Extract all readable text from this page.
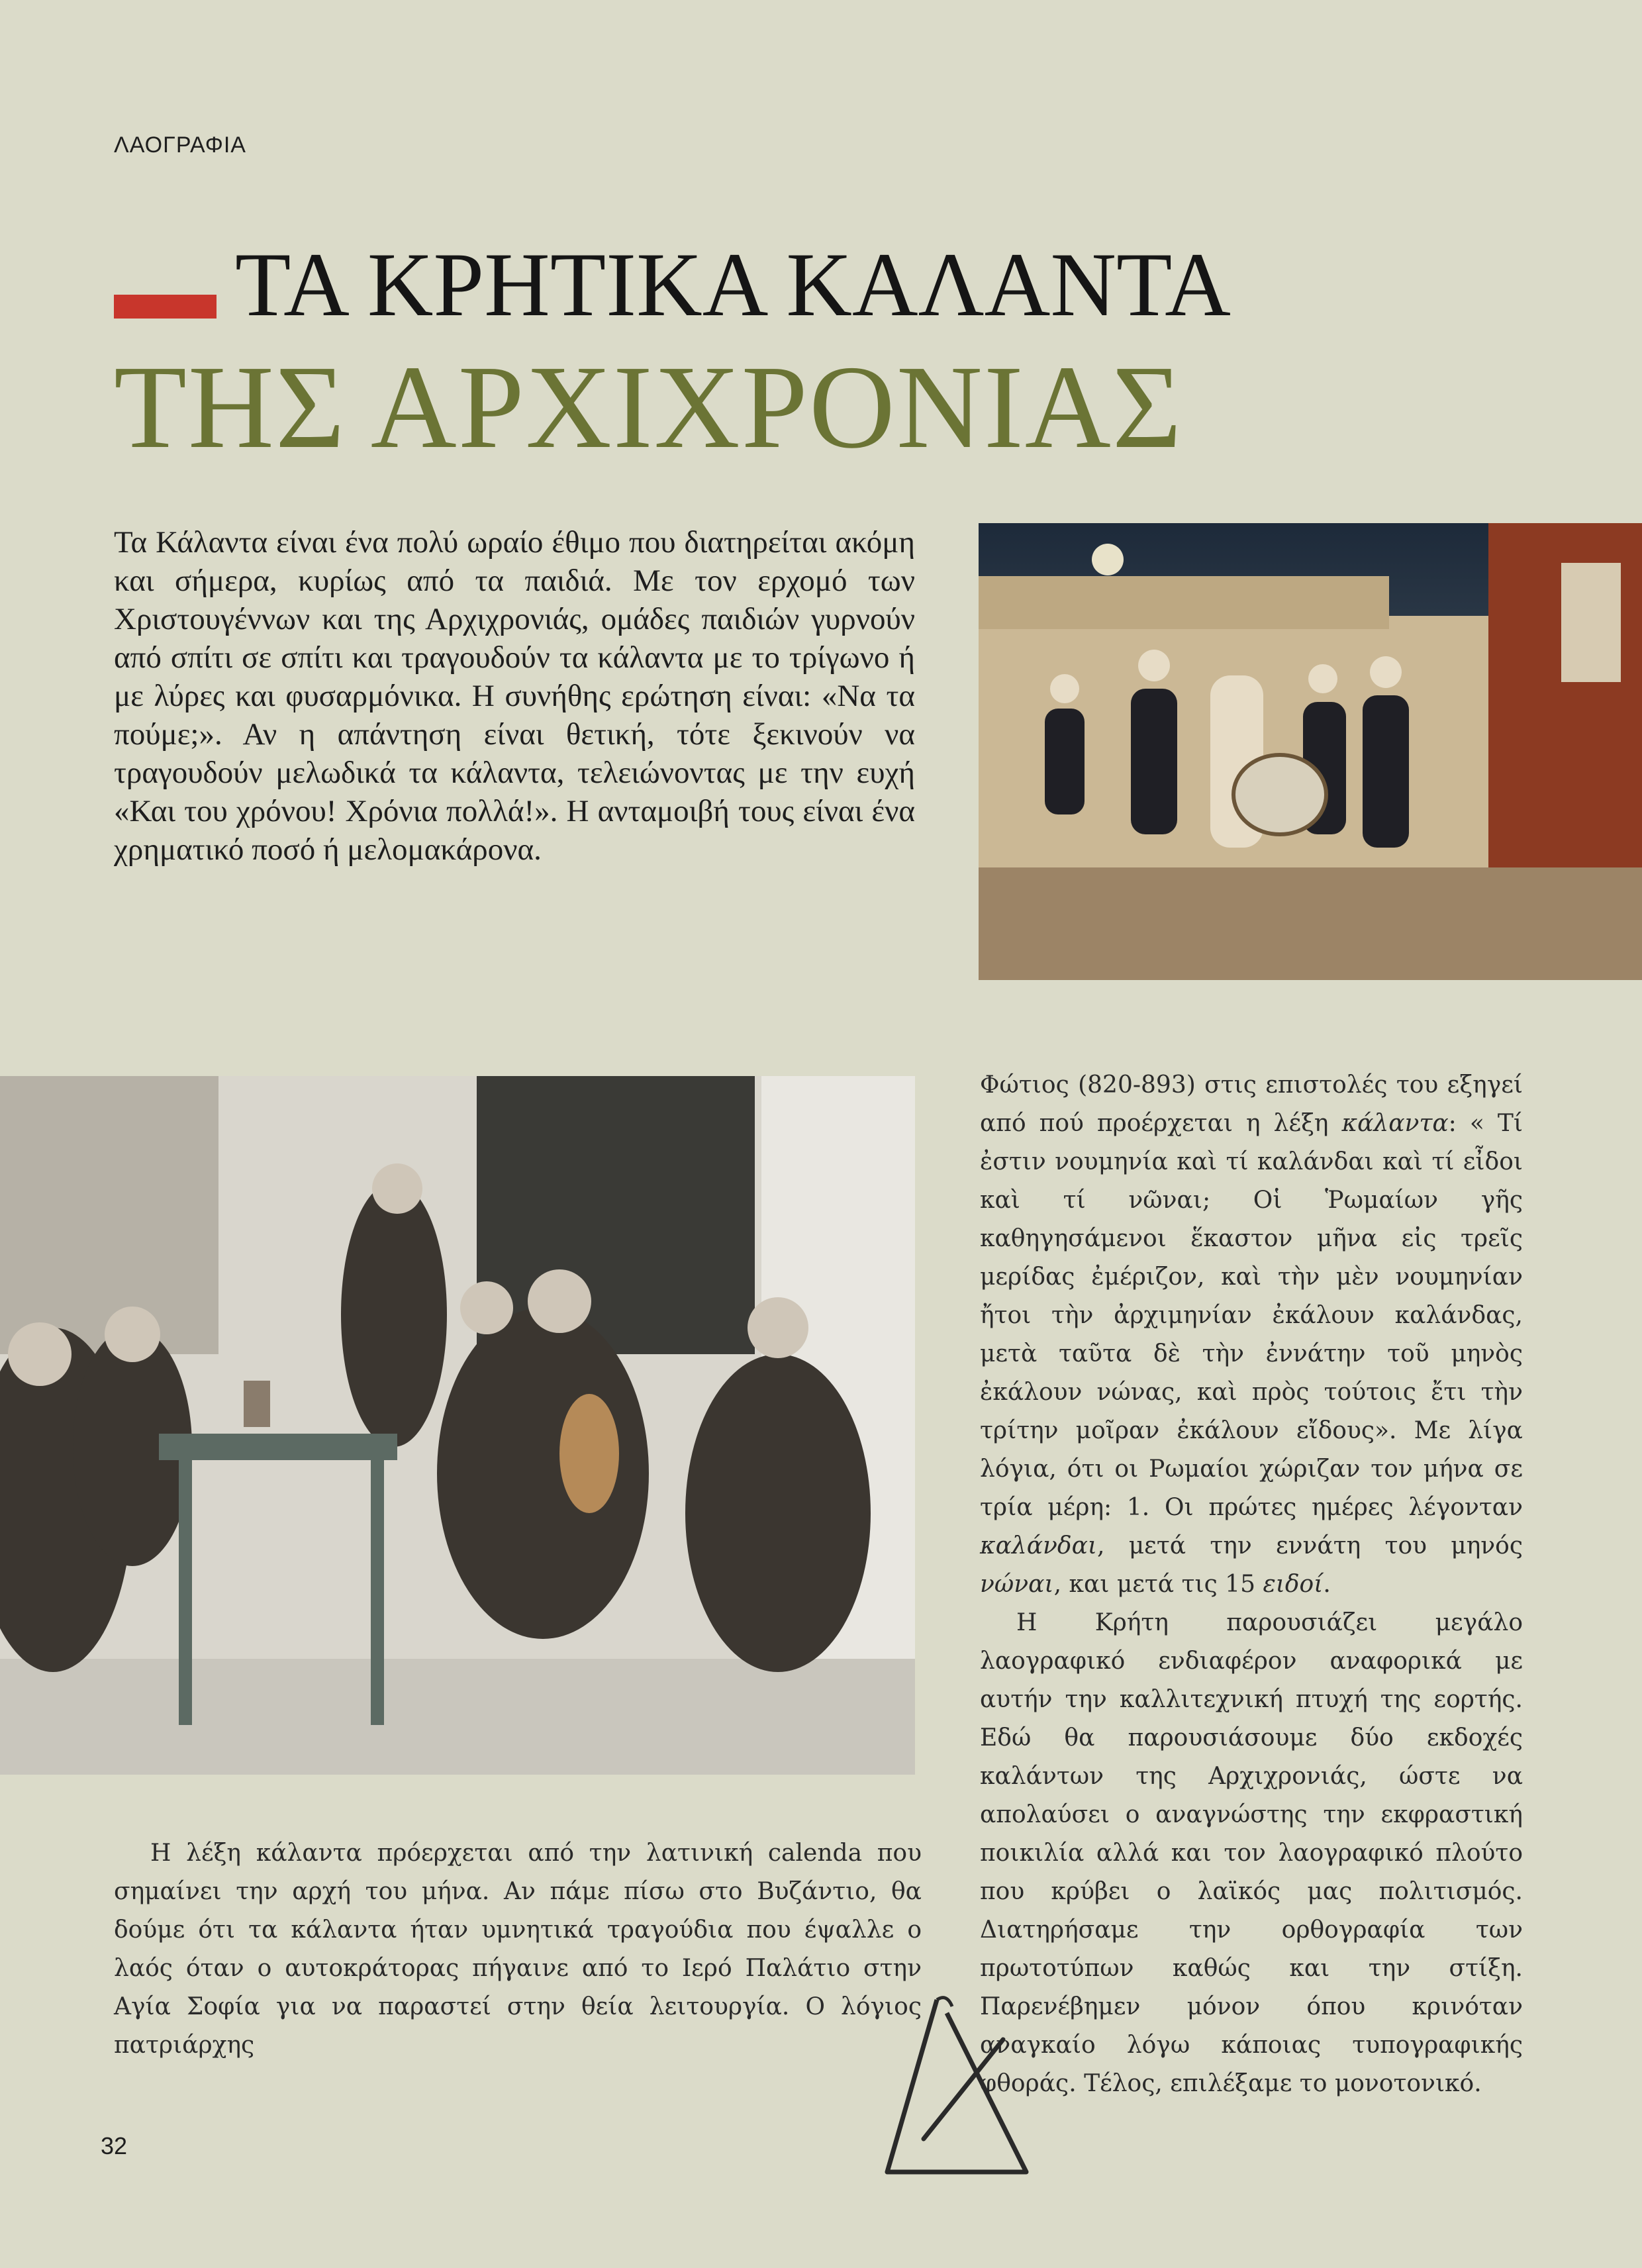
ΛΑΟΓΡΑΦΙΑ
ΤΑ ΚΡΗΤΙΚΑ ΚΑΛΑΝΤΑ
ΤΗΣ ΑΡΧΙΧΡΟΝΙΑΣ

Τα Κάλαντα είναι ένα πολύ ωραίο έθιμο που διατηρείται ακόμη και σήμερα, κυρίως από τα παιδιά. Με τον ερχομό των Χριστουγέννων και της Αρχιχρονιάς, ομάδες παιδιών γυρνούν από σπίτι σε σπίτι και τραγουδούν τα κάλαντα με το τρίγωνο ή με λύρες και φυσαρμόνικα. Η συνήθης ερώτηση είναι: «Να τα πούμε;». Αν η απάντηση είναι θετική, τότε ξεκινούν να τραγουδούν μελωδικά τα κάλαντα, τελειώνοντας με την ευχή «Και του χρόνου! Χρόνια πολλά!». Η ανταμοιβή τους είναι ένα χρηματικό ποσό ή μελομακάρονα.

Η λέξη κάλαντα πρόερχεται από την λατινική calenda που σημαίνει την αρχή του μήνα. Αν πάμε πίσω στο Βυζάντιο, θα δούμε ότι τα κάλαντα ήταν υμνητικά τραγούδια που έψαλλε ο λαός όταν ο αυτοκράτορας πήγαινε από το Ιερό Παλάτιο στην Αγία Σοφία για να παραστεί στην θεία λειτουργία. Ο λόγιος πατριάρχης

Φώτιος (820-893) στις επιστολές του εξηγεί από πού προέρχεται η λέξη κάλαντα: « Τί ἐστιν νουμηνία καὶ τί καλάνδαι καὶ τί εἶδοι καὶ τί νῶναι; Οἱ Ῥωμαίων γῆς καθηγησάμενοι ἕκαστον μῆνα εἰς τρεῖς μερίδας ἐμέριζον, καὶ τὴν μὲν νουμηνίαν ἤτοι τὴν ἀρχιμηνίαν ἐκάλουν καλάνδας, μετὰ ταῦτα δὲ τὴν ἐννάτην τοῦ μηνὸς ἐκάλουν νώνας, καὶ πρὸς τούτοις ἔτι τὴν τρίτην μοῖραν ἐκάλουν εἴδους». Με λίγα λόγια, ότι οι Ρωμαίοι χώριζαν τον μήνα σε τρία μέρη: 1. Οι πρώτες ημέρες λέγονταν καλάνδαι, μετά την εννάτη του μηνός νώναι, και μετά τις 15 ειδοί.

Η Κρήτη παρουσιάζει μεγάλο λαογραφικό ενδιαφέρον αναφορικά με αυτήν την καλλιτεχνική πτυχή της εορτής. Εδώ θα παρουσιάσουμε δύο εκδοχές καλάντων της Αρχιχρονιάς, ώστε να απολαύσει ο αναγνώστης την εκφραστική ποικιλία αλλά και τον λαογραφικό πλούτο που κρύβει ο λαϊκός μας πολιτισμός. Διατηρήσαμε την ορθογραφία των πρωτοτύπων καθώς και την στίξη. Παρενέβημεν μόνον όπου κρινόταν αναγκαίο λόγω κάποιας τυπογραφικής φθοράς. Τέλος, επιλέξαμε το μονοτονικό.

32
